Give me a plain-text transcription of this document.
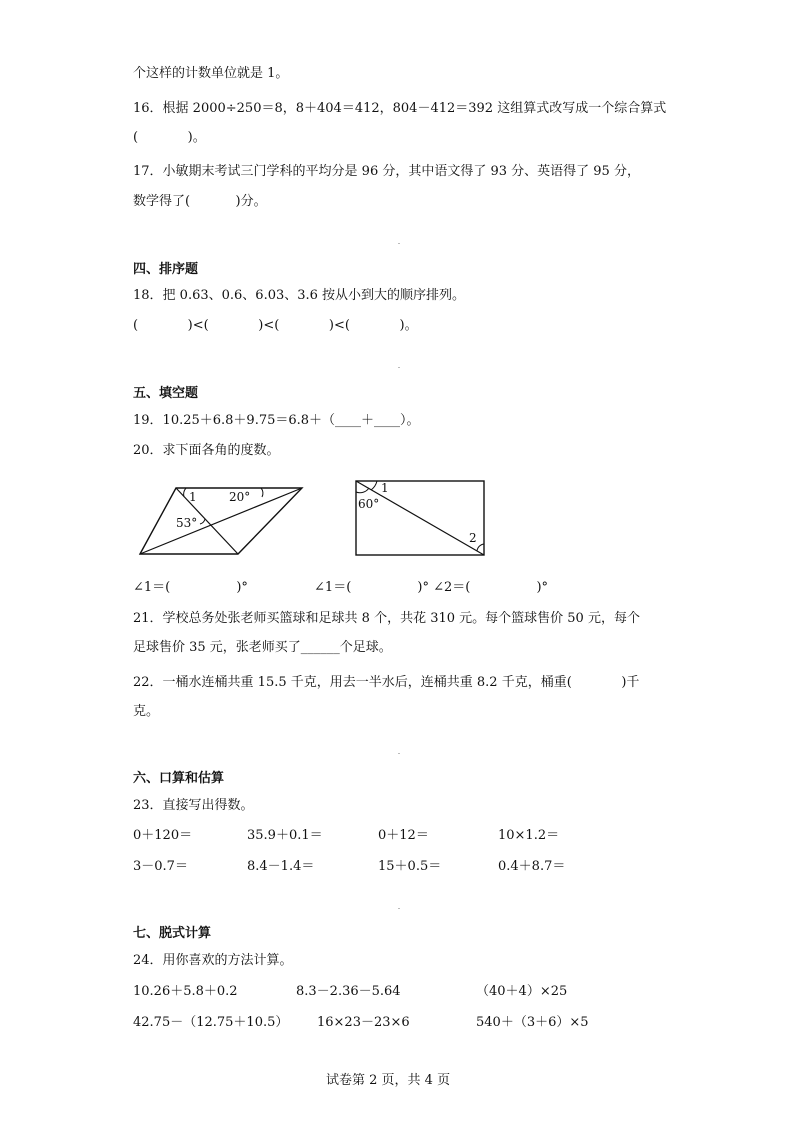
个这样的计数单位就是 1。
16．根据 2000÷250＝8，8＋404＝412，804－412＝392 这组算式改写成一个综合算式
(            )。
17．小敏期末考试三门学科的平均分是 96 分，其中语文得了 93 分、英语得了 95 分，
数学得了(           )分。
四、排序题
18．把 0.63、0.6、6.03、3.6 按从小到大的顺序排列。
(            )<(            )<(            )<(            )。
五、填空题
19．10.25＋6.8＋9.75＝6.8＋（____＋____）。
20．求下面各角的度数。
1	20°
53°
1
60°
2
∠1＝(                )°                ∠1＝(                )° ∠2＝(                )°
21．学校总务处张老师买篮球和足球共 8 个，共花 310 元。每个篮球售价 50 元，每个
足球售价 35 元，张老师买了______个足球。
22．一桶水连桶共重 15.5 千克，用去一半水后，连桶共重 8.2 千克，桶重(            )千
克。
六、口算和估算
23．直接写出得数。
0＋120＝	35.9＋0.1＝	0＋12＝	10×1.2＝
3－0.7＝	8.4－1.4＝	15＋0.5＝	0.4＋8.7＝
七、脱式计算
24．用你喜欢的方法计算。
10.26＋5.8＋0.2	8.3－2.36－5.64	（40＋4）×25
42.75－（12.75＋10.5） 16×23－23×6	540＋（3＋6）×5
试卷第 2 页，共 4 页
